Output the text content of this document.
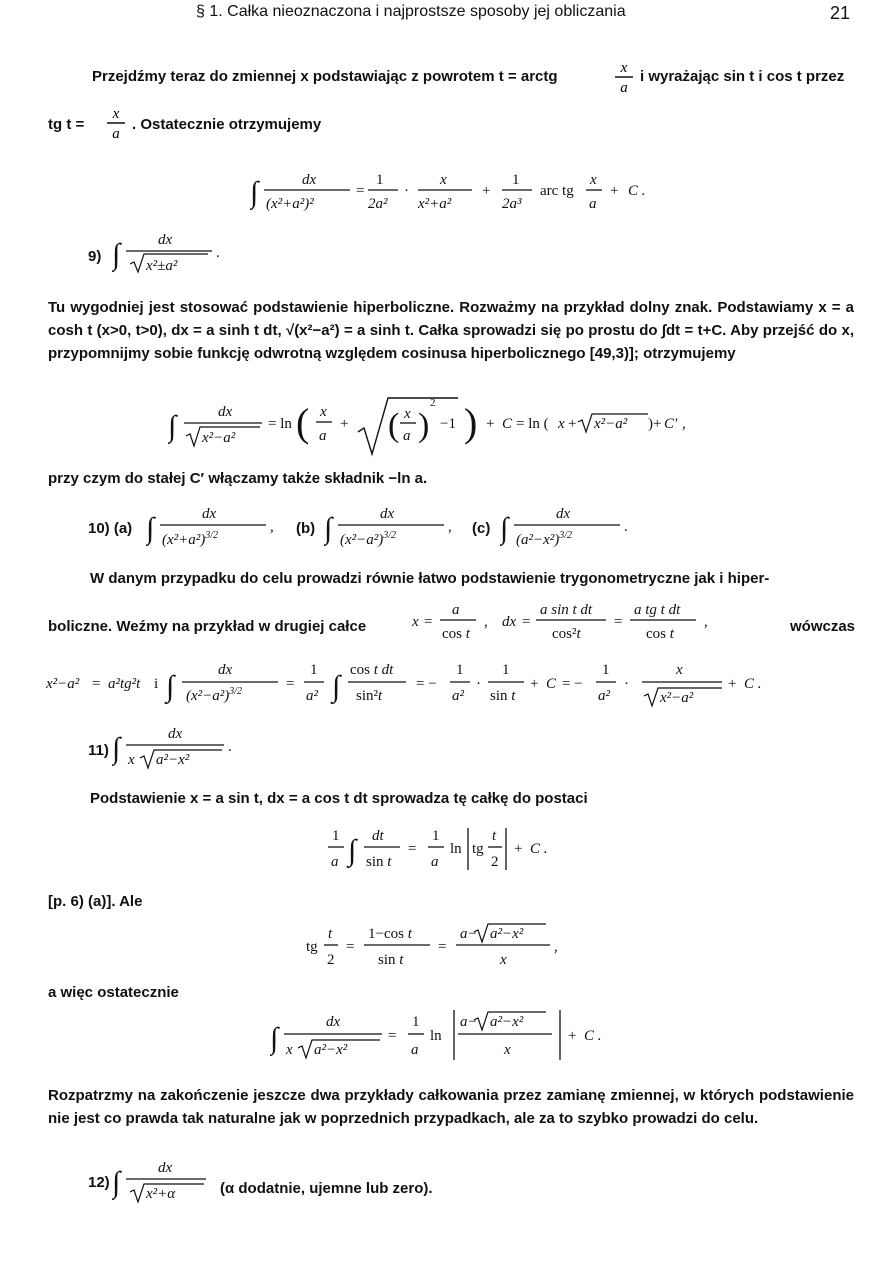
§ 1. Całka nieoznaczona i najprostsze sposoby jej obliczania	21
Przejdźmy teraz do zmiennej x podstawiając z powrotem t = arctg	x
a
i wyrażając sin t i cos t przez
tg t =
x
a
. Ostatecznie otrzymujemy
∫	dx
(x²+a²)²
=
1
2a²
·
x
x²+a²
+
1
2a³
arc tg
x
a
+ C .
9) ∫	dx
x²±a²
.
Tu wygodniej jest stosować podstawienie hiperboliczne. Rozważmy na przykład dolny znak. Podstawiamy x = a cosh t (x>0, t>0), dx = a sinh t dt, √(x²−a²) = a sinh t. Całka sprowadzi się po prostu do ∫dt = t+C. Aby przejść do x, przypomnijmy sobie funkcję odwrotną względem cosinusa hiperbolicznego [49,3)]; otrzymujemy
∫	dx
x²−a²
= ln ( x
a
+ ( x
a )
2
−1 ) + C = ln ( x + x²−a² )+ C′ ,
przy czym do stałej C′ włączamy także składnik −ln a.
10) (a) ∫	dx
$(x^2+a^2)^{3/2}$
, (b) ∫	dx
$(x^2-a^2)^{3/2}$
, (c) ∫	dx
$(a^2-x^2)^{3/2}$
.
W danym przypadku do celu prowadzi równie łatwo podstawienie trygonometryczne jak i hiper-
boliczne. Weźmy na przykład w drugiej całce	x =
a
cos t
, dx =
a sin t dt
cos²t
=
a tg t dt
cos t
,	wówczas
x²−a² = a²tg²t i ∫	dx
$(x^2-a^2)^{3/2}$	=
1
a² ∫ cos t dt
sin²t
= −
1
a²
·
1
sin t
+ C = −
1
a²
·
x
x²−a²
+ C .
11) ∫	dx
x a²−x²
.
Podstawienie x = a sin t, dx = a cos t dt sprowadza tę całkę do postaci
1
a ∫ dt
sin t
=
1
a
ln tg
t
2
+ C .
[p. 6) (a)]. Ale
tg
t
2
=
1−cos t
sin t
=
a− a²−x²
x
,
a więc ostatecznie
∫	dx
x a²−x²
=
1
a
ln
a− a²−x²
x
+ C .
Rozpatrzmy na zakończenie jeszcze dwa przykłady całkowania przez zamianę zmiennej, w których podstawienie nie jest co prawda tak naturalne jak w poprzednich przypadkach, ale za to szybko prowadzi do celu.
12) ∫	dx
x²+α	(α dodatnie, ujemne lub zero).
